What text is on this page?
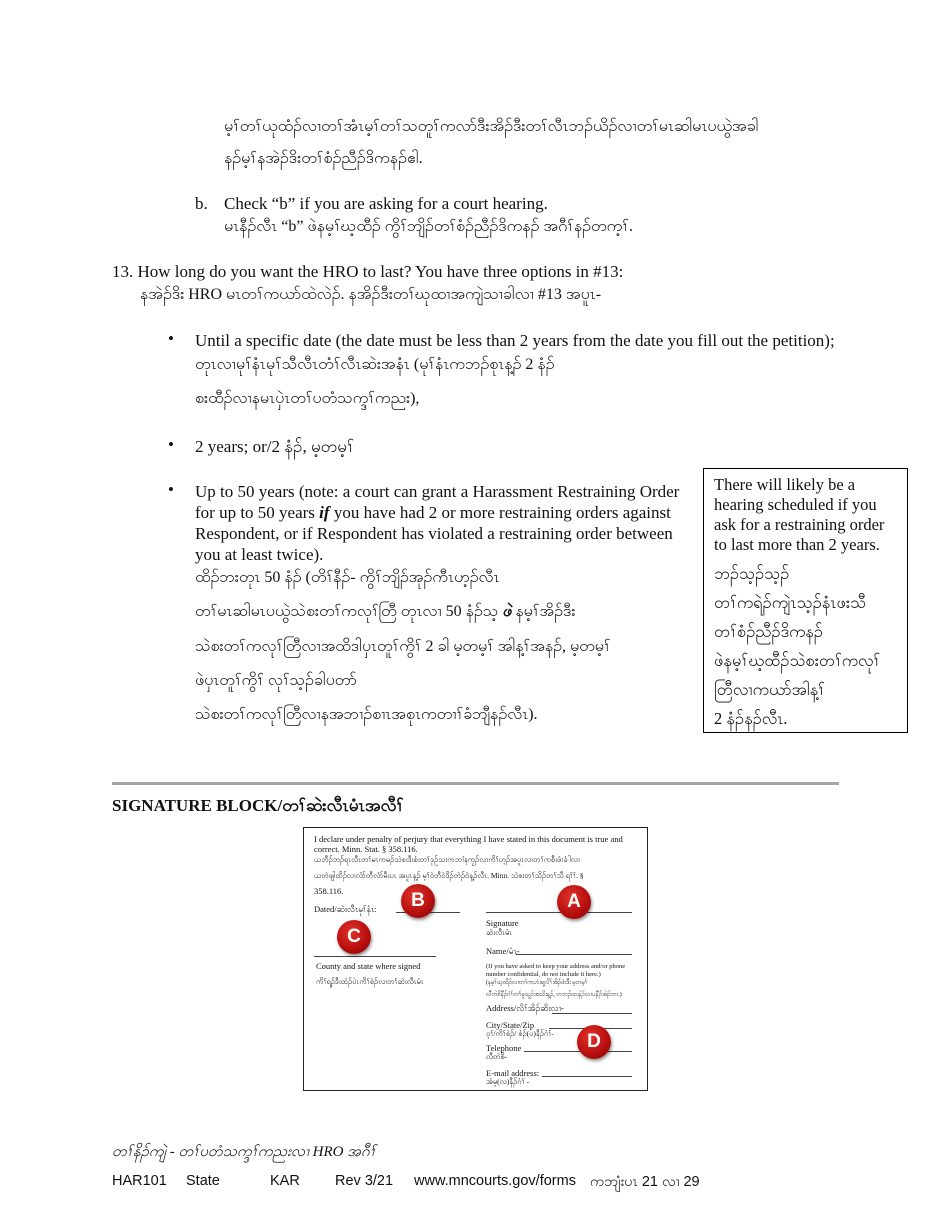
မ့ၢ်တၢ်ယုထံၣ်လၢတၢ်အံၤမ့ၢ်တၢ်သတူၢ်ကလာ်ဒီးအိၣ်ဒီးတၢ်လီၤဘၣ်ယိၣ်လၢတၢ်မၤဆါမၤပယွဲအခါ
နၣ်မ့ၢ်နအဲၣ်ဒိးတၢ်စံၣ်ညီၣ်ဒိကနၣ်ဧါ.
b. Check “b” if you are asking for a court hearing.
မၤနီၣ်လီၤ “b” ဖဲနမ့ၢ်ဃ့ထီၣ် ကွိၢ်ဘျိၣ်တၢ်စံၣ်ညီၣ်ဒိကနၣ် အဂီၢ်နၣ်တက့ၢ်.
13. How long do you want the HRO to last? You have three options in #13:
နအဲၣ်ဒိး HRO မၤတၢ်ကယာ်ထဲလဲၣ်. နအိၣ်ဒီးတၢ်ဃုထၢအကျဲသၢခါလၢ #13 အပူၤ-
• Until a specific date (the date must be less than 2 years from the date you fill out the petition);
တုၤလၢမုၢ်နံၤမုၢ်သီလီၤတံၢ်လီၤဆဲးအနံၤ (မုၢ်နံၤကဘၣ်စုၤန့ၣ် 2 နံၣ်
စးထီၣ်လၢနမၤပှဲၤတၢ်ပတံသက္ဒၢ်ကညး),
• 2 years; or/2 နံၣ်, မ့တမ့ၢ်
• Up to 50 years (note: a court can grant a Harassment Restraining Order
for up to 50 years if you have had 2 or more restraining orders against
Respondent, or if Respondent has violated a restraining order between
you at least twice).
ထိၣ်ဘးတုၤ 50 နံၣ် (တိၢ်နီၣ်- ကွိၢ်ဘျိၣ်အုၣ်ကီၤဟ့ၣ်လီၤ
တၢ်မၤဆါမၤပယွဲသဲစးတၢ်ကလုၢ်တြီ တုၤလၢ 50 နံၣ်သ့ ဖဲ နမ့ၢ်အိၣ်ဒီး
သဲစးတၢ်ကလုၢ်တြီလၢအထိဒါပှၤတူၢ်ကွိၢ် 2 ခါ မ့တမ့ၢ် အါန့ၢ်အနၣ်, မ့တမ့ၢ်
ဖဲပှၤတူၢ်ကွိၢ် လုၢ်သ့ၣ်ခါပတာ်
သဲစးတၢ်ကလုၢ်တြီလၢနအဘၢၣ်စၢၤအစုၤကတၢၢ်ခံဘျီနၣ်လီၤ).
There will likely be a
hearing scheduled if you
ask for a restraining order
to last more than 2 years.
ဘၣ်သ့ၣ်သ့ၣ်
တၢ်ကရဲၣ်ကျဲၤသ့ၣ်နံၤဖးသီ
တၢ်စံၣ်ညီၣ်ဒိကနၣ်
ဖဲနမ့ၢ်ဃ့ထီၣ်သဲစးတၢ်ကလုၢ်
တြီလၢကယာ်အါန့ၢ်
2 နံၣ်နၣ်လီၤ.
SIGNATURE BLOCK/တၢ်ဆဲးလီၤမံၤအလီၢ်
I declare under penalty of perjury that everything I have stated in this document is true and
correct. Minn. Stat. § 358.116.
ယဘီၣ်ဘၣ်ရၤလီၤတၢ်မၤကမၣ်သဲစးဒီးစံးတၢ်ဒုဉ်သးကဘၢံနကၠၣ်လၢကိၢ်ဟ့ၣ်အပူၤလၢတၢ်ကစီးဖံၢခံါလၢ
ယတဲဖျါထိၣ်လၢလံာ်တီလံာ်မီးပၤ အပူၤန့ၣ် မ့ၢ်ဝဲတီဝဲဒိၣ်တဲၣ်ဝဲန့ၣ်လီၤ. Minn. သဲစးတၢ်သိၣ်တၢ်သီ ရၢ်ၢ်. §
358.116.
Dated/ဆဲးလီၤမုၢ်နံၤ:
Signature
ဆဲးလီၤမံၤ
County and state where signed
ကိၢ်ရ့ၣ်ဒီးထံၣ်ပဲၤကိၢ်စဲၣ်လၢတၢ်ဆဲးလီၤမံၤ
Name/မံၤ-
(If you have asked to keep your address and/or phone
number confidential, do not include it here.)
(နမ့ၢ်ဃ့ထိၣ်လၢတၢ်ကဟံးရ့လိၢ်အိၣ်ဖံးဒီး မ့တမ့ၢ်
လီတဲစိနီၣ်ဂံၢ်တၢ်ခူသူၣ်အသိးန့ၣ်, တဘၣ်ထးနဲၣ်လၢပနီၣ်အဲၣ်ဘး.)
Address/လိၢ်အိၣ်ဆိးလၢ-
City/State/Zip
ဝ့ၢ်/ကိၢ်စဲၣ်/ စံၣ်(ပ)နီၣ်ဂံၢ်-
Telephone
လီတဲစိ-
E-mail address:
အံမ့(လ)နီၣ်ဂံၢ် -
A
B
C
D
တၢ်နိၣ်ကျဲ - တၢ်ပတံသက္ဒၢ်ကညးလၢ HRO အဂီၢ်
HAR101 State	KAR Rev 3/21 www.mncourts.gov/forms ကဘျံးပၤ 21 လၢ 29
